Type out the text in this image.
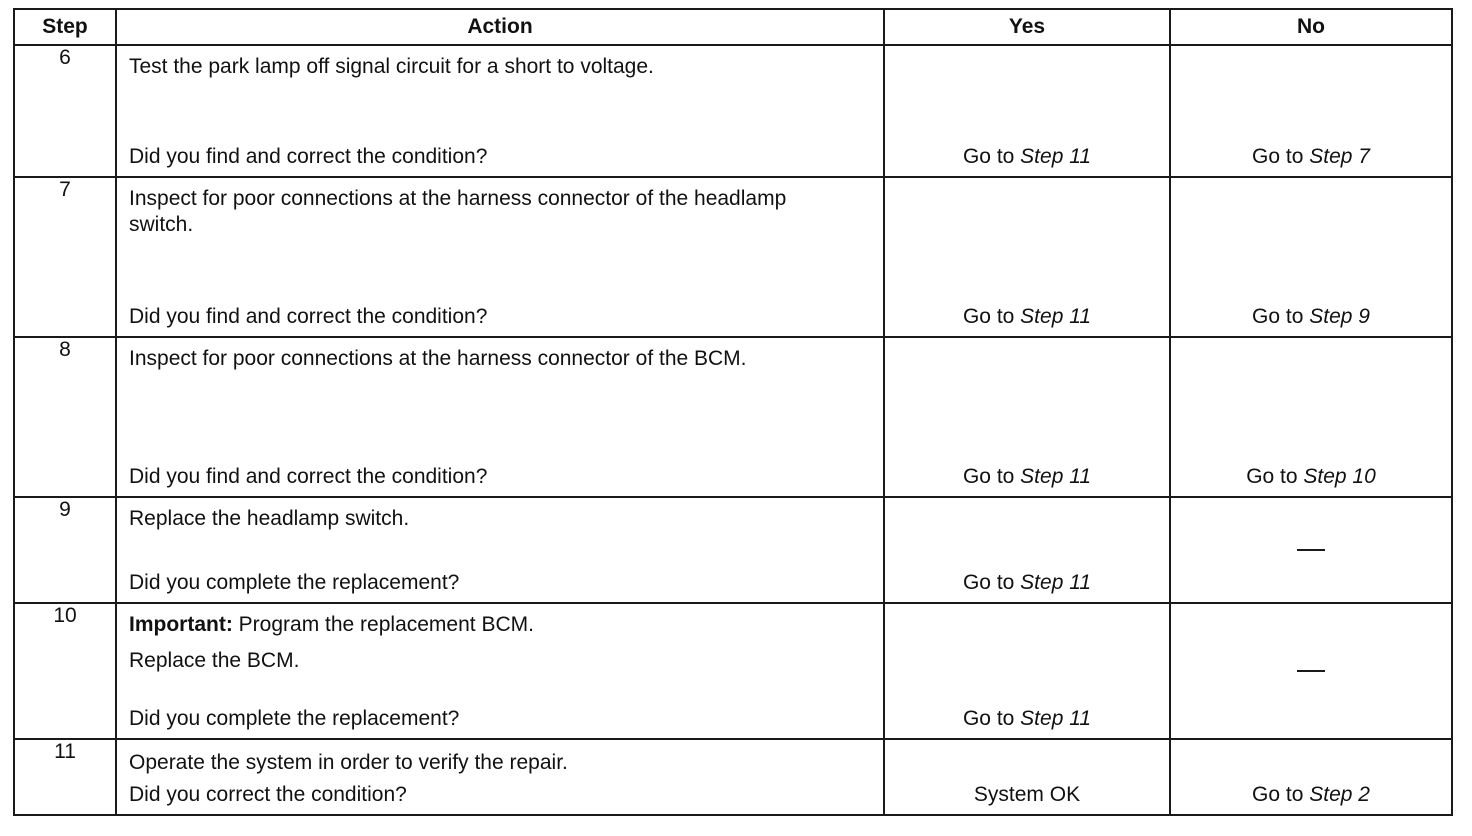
Step	Action	Yes	No
6	Test the park lamp off signal circuit for a short to voltage.
Did you find and correct the condition?	Go to Step 11	Go to Step 7

7	Inspect for poor connections at the harness connector of the headlamp switch.
Did you find and correct the condition?	Go to Step 11	Go to Step 9

8	Inspect for poor connections at the harness connector of the BCM.
Did you find and correct the condition?	Go to Step 11	Go to Step 10

9	Replace the headlamp switch.
Did you complete the replacement?	Go to Step 11	

10	Important: Program the replacement BCM.
Replace the BCM.
Did you complete the replacement?	Go to Step 11	

11	Operate the system in order to verify the repair.
Did you correct the condition?	System OK	Go to Step 2
